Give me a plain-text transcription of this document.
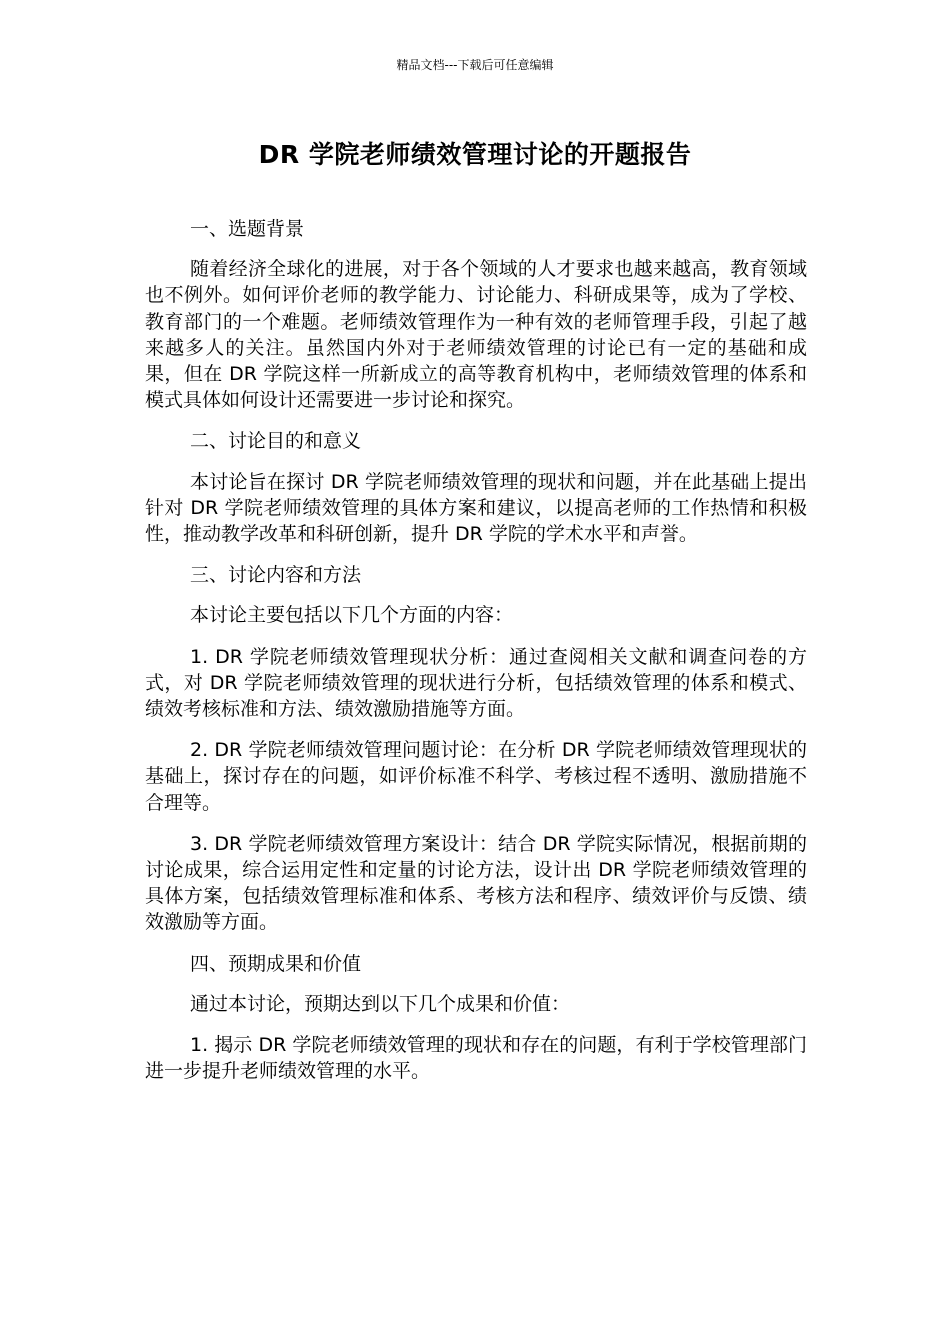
精品文档---下载后可任意编辑
DR 学院老师绩效管理讨论的开题报告
一、选题背景

随着经济全球化的进展，对于各个领域的人才要求也越来越高，教育领域也不例外。如何评价老师的教学能力、讨论能力、科研成果等，成为了学校、教育部门的一个难题。老师绩效管理作为一种有效的老师管理手段，引起了越来越多人的关注。虽然国内外对于老师绩效管理的讨论已有一定的基础和成果，但在 DR 学院这样一所新成立的高等教育机构中，老师绩效管理的体系和模式具体如何设计还需要进一步讨论和探究。

二、讨论目的和意义

本讨论旨在探讨 DR 学院老师绩效管理的现状和问题，并在此基础上提出针对 DR 学院老师绩效管理的具体方案和建议，以提高老师的工作热情和积极性，推动教学改革和科研创新，提升 DR 学院的学术水平和声誉。

三、讨论内容和方法

本讨论主要包括以下几个方面的内容：

1. DR 学院老师绩效管理现状分析：通过查阅相关文献和调查问卷的方式，对 DR 学院老师绩效管理的现状进行分析，包括绩效管理的体系和模式、绩效考核标准和方法、绩效激励措施等方面。

2. DR 学院老师绩效管理问题讨论：在分析 DR 学院老师绩效管理现状的基础上，探讨存在的问题，如评价标准不科学、考核过程不透明、激励措施不合理等。

3. DR 学院老师绩效管理方案设计：结合 DR 学院实际情况，根据前期的讨论成果，综合运用定性和定量的讨论方法，设计出 DR 学院老师绩效管理的具体方案，包括绩效管理标准和体系、考核方法和程序、绩效评价与反馈、绩效激励等方面。

四、预期成果和价值

通过本讨论，预期达到以下几个成果和价值：

1. 揭示 DR 学院老师绩效管理的现状和存在的问题，有利于学校管理部门进一步提升老师绩效管理的水平。
